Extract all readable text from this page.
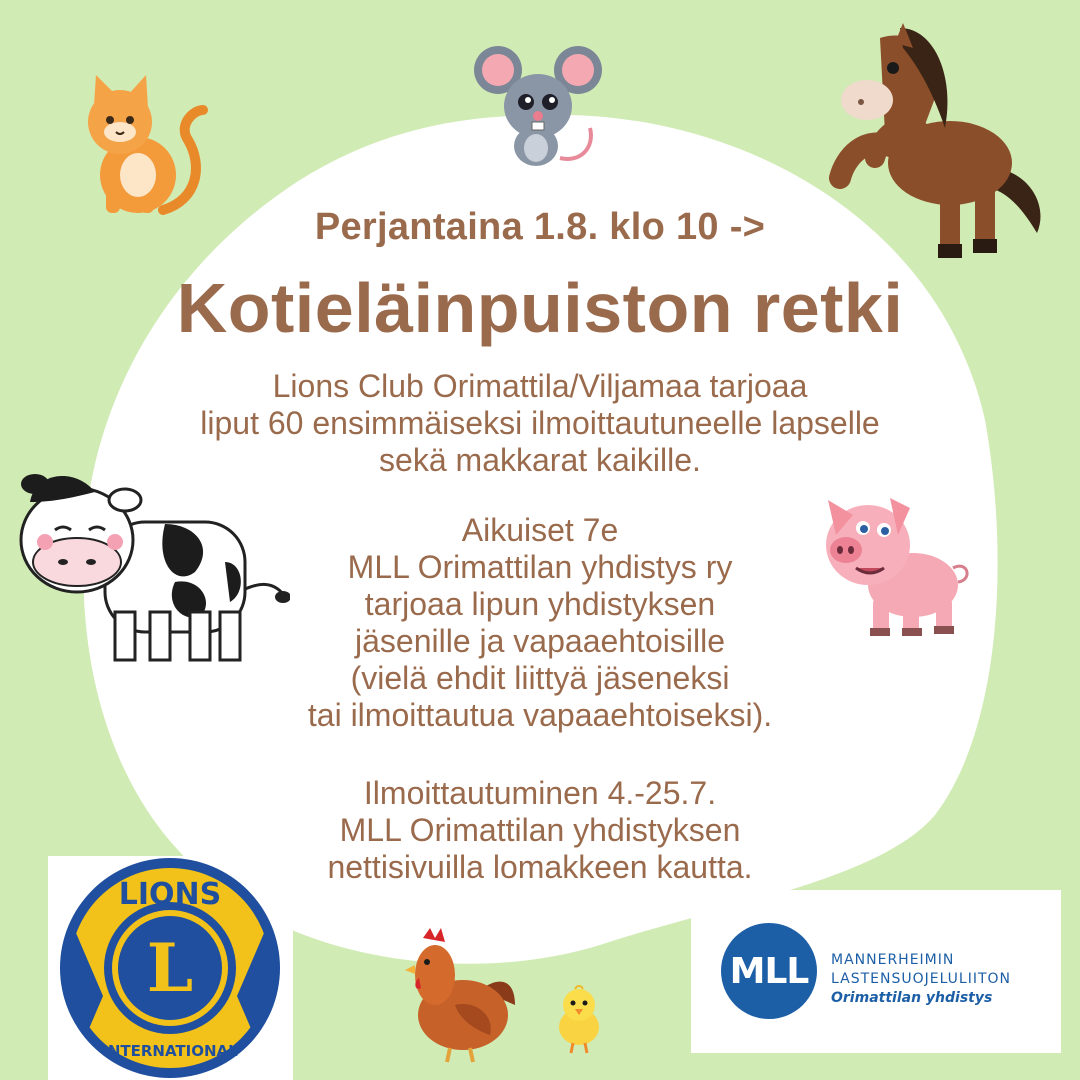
Perjantaina 1.8. klo 10 ->
Kotieläinpuiston retki
Lions Club Orimattila/Viljamaa tarjoaa
liput 60 ensimmäiseksi ilmoittautuneelle lapselle
sekä makkarat kaikille.
Aikuiset 7e
MLL Orimattilan yhdistys ry
tarjoaa lipun yhdistyksen
jäsenille ja vapaaehtoisille
(vielä ehdit liittyä jäseneksi
tai ilmoittautua vapaaehtoiseksi).
Ilmoittautuminen 4.-25.7.
MLL Orimattilan yhdistyksen
nettisivuilla lomakkeen kautta.
LIONS
L
INTERNATIONAL
®
MLL	MANNERHEIMIN
LASTENSUOJELULIITON
Orimattilan yhdistys
